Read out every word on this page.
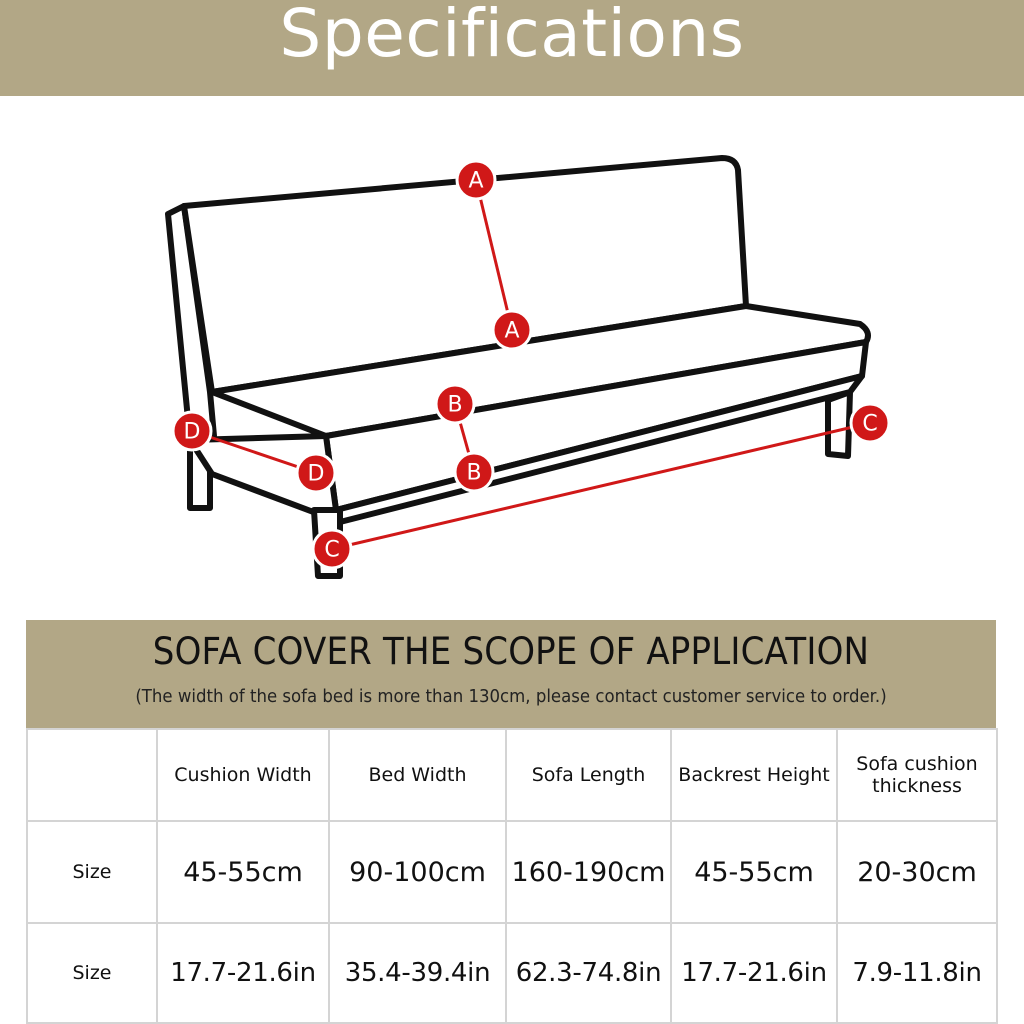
Specifications
A
A
B
B
D
D
C
C
SOFA COVER THE SCOPE OF APPLICATION
(The width of the sofa bed is more than 130cm, please contact customer service to order.)
	Cushion Width	Bed Width	Sofa Length	Backrest Height	Sofa cushion thickness
Size	45-55cm	90-100cm	160-190cm	45-55cm	20-30cm
Size	17.7-21.6in	35.4-39.4in	62.3-74.8in	17.7-21.6in	7.9-11.8in
